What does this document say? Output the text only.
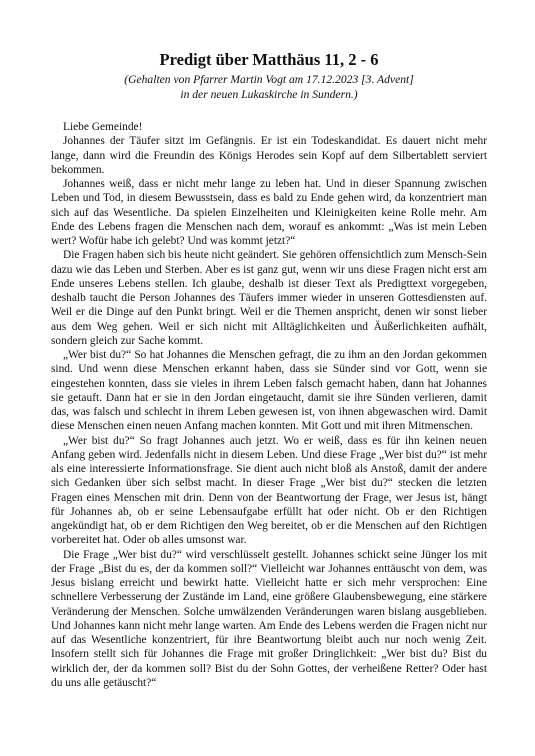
Predigt über Matthäus 11, 2 - 6

(Gehalten von Pfarrer Martin Vogt am 17.12.2023 [3. Advent]

in der neuen Lukaskirche in Sundern.)

Liebe Gemeinde!

Johannes der Täufer sitzt im Gefängnis. Er ist ein Todeskandidat. Es dauert nicht mehr lange, dann wird die Freundin des Königs Herodes sein Kopf auf dem Silbertablett serviert bekommen.

Johannes weiß, dass er nicht mehr lange zu leben hat. Und in dieser Spannung zwischen Leben und Tod, in diesem Bewusstsein, dass es bald zu Ende gehen wird, da konzentriert man sich auf das Wesentliche. Da spielen Einzelheiten und Kleinigkeiten keine Rolle mehr. Am Ende des Lebens fragen die Menschen nach dem, worauf es ankommt: „Was ist mein Leben wert? Wofür habe ich gelebt? Und was kommt jetzt?“

Die Fragen haben sich bis heute nicht geändert. Sie gehören offensichtlich zum Mensch-Sein dazu wie das Leben und Sterben. Aber es ist ganz gut, wenn wir uns diese Fragen nicht erst am Ende unseres Lebens stellen. Ich glaube, deshalb ist dieser Text als Predigttext vorgegeben, deshalb taucht die Person Johannes des Täufers immer wieder in unseren Gottesdiensten auf. Weil er die Dinge auf den Punkt bringt. Weil er die Themen anspricht, denen wir sonst lieber aus dem Weg gehen. Weil er sich nicht mit Alltäglichkeiten und Äußerlichkeiten aufhält, sondern gleich zur Sache kommt.

„Wer bist du?“ So hat Johannes die Menschen gefragt, die zu ihm an den Jordan gekommen sind. Und wenn diese Menschen erkannt haben, dass sie Sünder sind vor Gott, wenn sie eingestehen konnten, dass sie vieles in ihrem Leben falsch gemacht haben, dann hat Johannes sie getauft. Dann hat er sie in den Jordan eingetaucht, damit sie ihre Sünden verlieren, damit das, was falsch und schlecht in ihrem Leben gewesen ist, von ihnen abgewaschen wird. Damit diese Menschen einen neuen Anfang machen konnten. Mit Gott und mit ihren Mitmenschen.

„Wer bist du?“ So fragt Johannes auch jetzt. Wo er weiß, dass es für ihn keinen neuen Anfang geben wird. Jedenfalls nicht in diesem Leben. Und diese Frage „Wer bist du?“ ist mehr als eine interessierte Informationsfrage. Sie dient auch nicht bloß als Anstoß, damit der andere sich Gedanken über sich selbst macht. In dieser Frage „Wer bist du?“ stecken die letzten Fragen eines Menschen mit drin. Denn von der Beantwortung der Frage, wer Jesus ist, hängt für Johannes ab, ob er seine Lebensaufgabe erfüllt hat oder nicht. Ob er den Richtigen angekündigt hat, ob er dem Richtigen den Weg bereitet, ob er die Menschen auf den Richtigen vorbereitet hat. Oder ob alles umsonst war.

Die Frage „Wer bist du?“ wird verschlüsselt gestellt. Johannes schickt seine Jünger los mit der Frage „Bist du es, der da kommen soll?“ Vielleicht war Johannes enttäuscht von dem, was Jesus bislang erreicht und bewirkt hatte. Vielleicht hatte er sich mehr versprochen: Eine schnellere Verbesserung der Zustände im Land, eine größere Glaubensbewegung, eine stärkere Veränderung der Menschen. Solche umwälzenden Veränderungen waren bislang ausgeblieben. Und Johannes kann nicht mehr lange warten. Am Ende des Lebens werden die Fragen nicht nur auf das Wesentliche konzentriert, für ihre Beantwortung bleibt auch nur noch wenig Zeit. Insofern stellt sich für Johannes die Frage mit großer Dringlichkeit: „Wer bist du? Bist du wirklich der, der da kommen soll? Bist du der Sohn Gottes, der verheißene Retter? Oder hast du uns alle getäuscht?“
